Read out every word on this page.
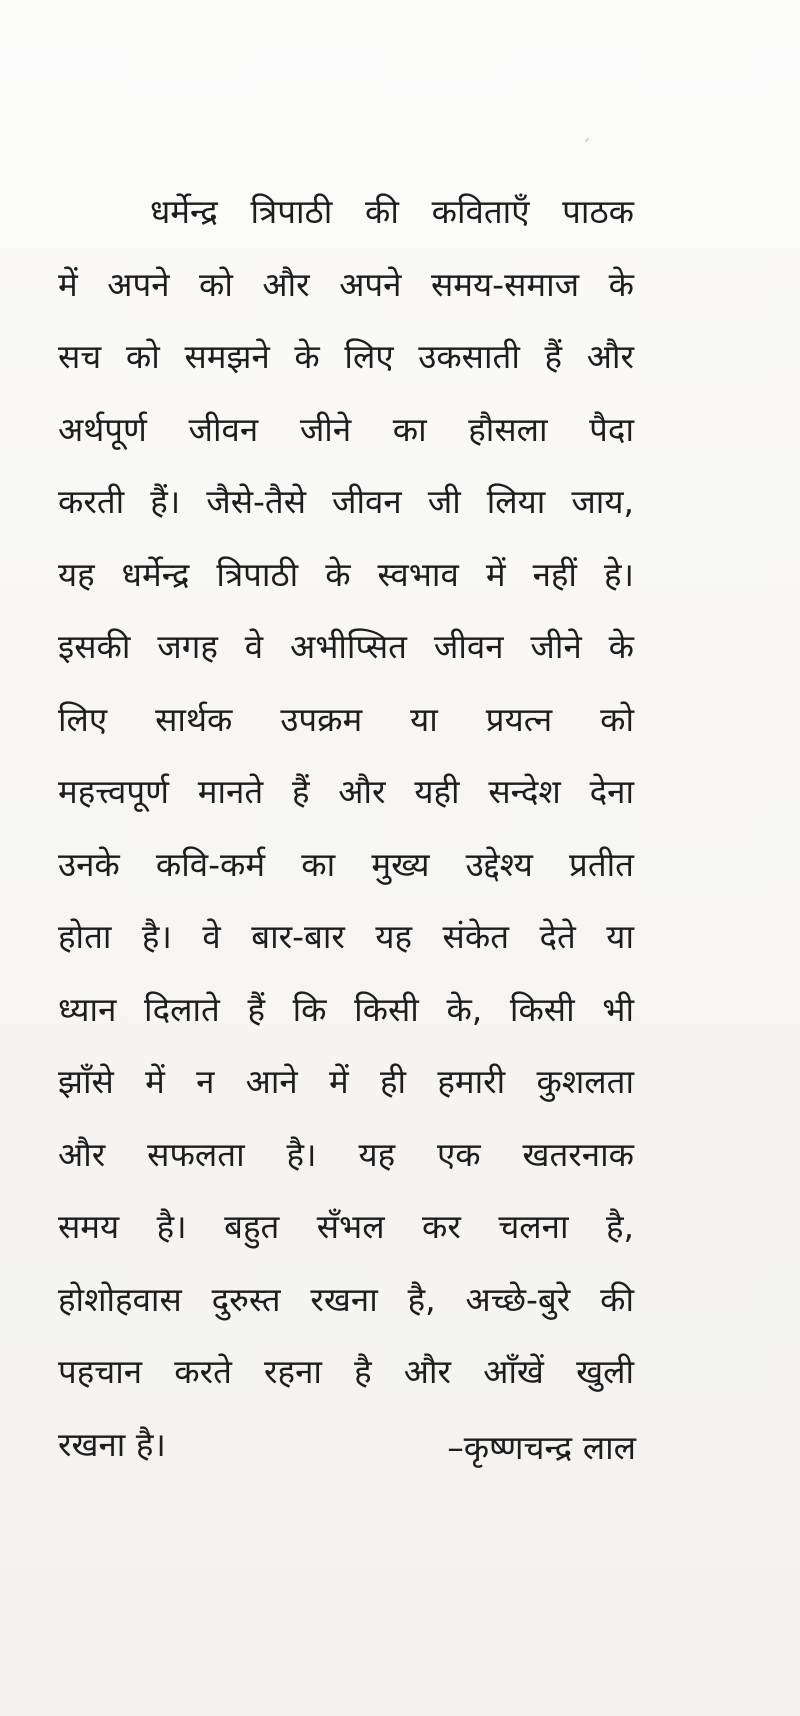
धर्मेन्द्र त्रिपाठी की कविताएँ पाठक
में अपने को और अपने समय-समाज के
सच को समझने के लिए उकसाती हैं और
अर्थपूर्ण जीवन जीने का हौसला पैदा
करती हैं। जैसे-तैसे जीवन जी लिया जाय,
यह धर्मेन्द्र त्रिपाठी के स्वभाव में नहीं हे।
इसकी जगह वे अभीप्सित जीवन जीने के
लिए सार्थक उपक्रम या प्रयत्न को
महत्त्वपूर्ण मानते हैं और यही सन्देश देना
उनके कवि-कर्म का मुख्य उद्देश्य प्रतीत
होता है। वे बार-बार यह संकेत देते या
ध्यान दिलाते हैं कि किसी के, किसी भी
झाँसे में न आने में ही हमारी कुशलता
और सफलता है। यह एक खतरनाक
समय है। बहुत सँभल कर चलना है,
होशोहवास दुरुस्त रखना है, अच्छे-बुरे की
पहचान करते रहना है और आँखें खुली
रखना है।	–कृष्णचन्द्र लाल
